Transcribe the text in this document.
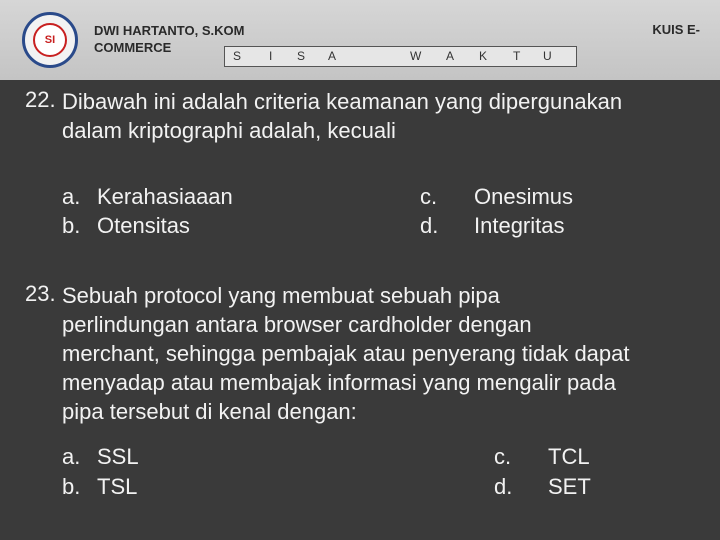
SI
DWI HARTANTO, S.KOM
COMMERCE
KUIS E-
S I S A	W A K T U
22. Dibawah ini adalah criteria keamanan yang dipergunakan
dalam kriptographi adalah, kecuali
a. Kerahasiaaan
b. Otensitas
c. Onesimus
d. Integritas
23. Sebuah protocol yang membuat sebuah pipa
perlindungan antara browser cardholder dengan
merchant, sehingga pembajak atau penyerang tidak dapat
menyadap atau membajak informasi yang mengalir pada
pipa tersebut di kenal dengan:
a. SSL
b. TSL
c. TCL
d. SET
